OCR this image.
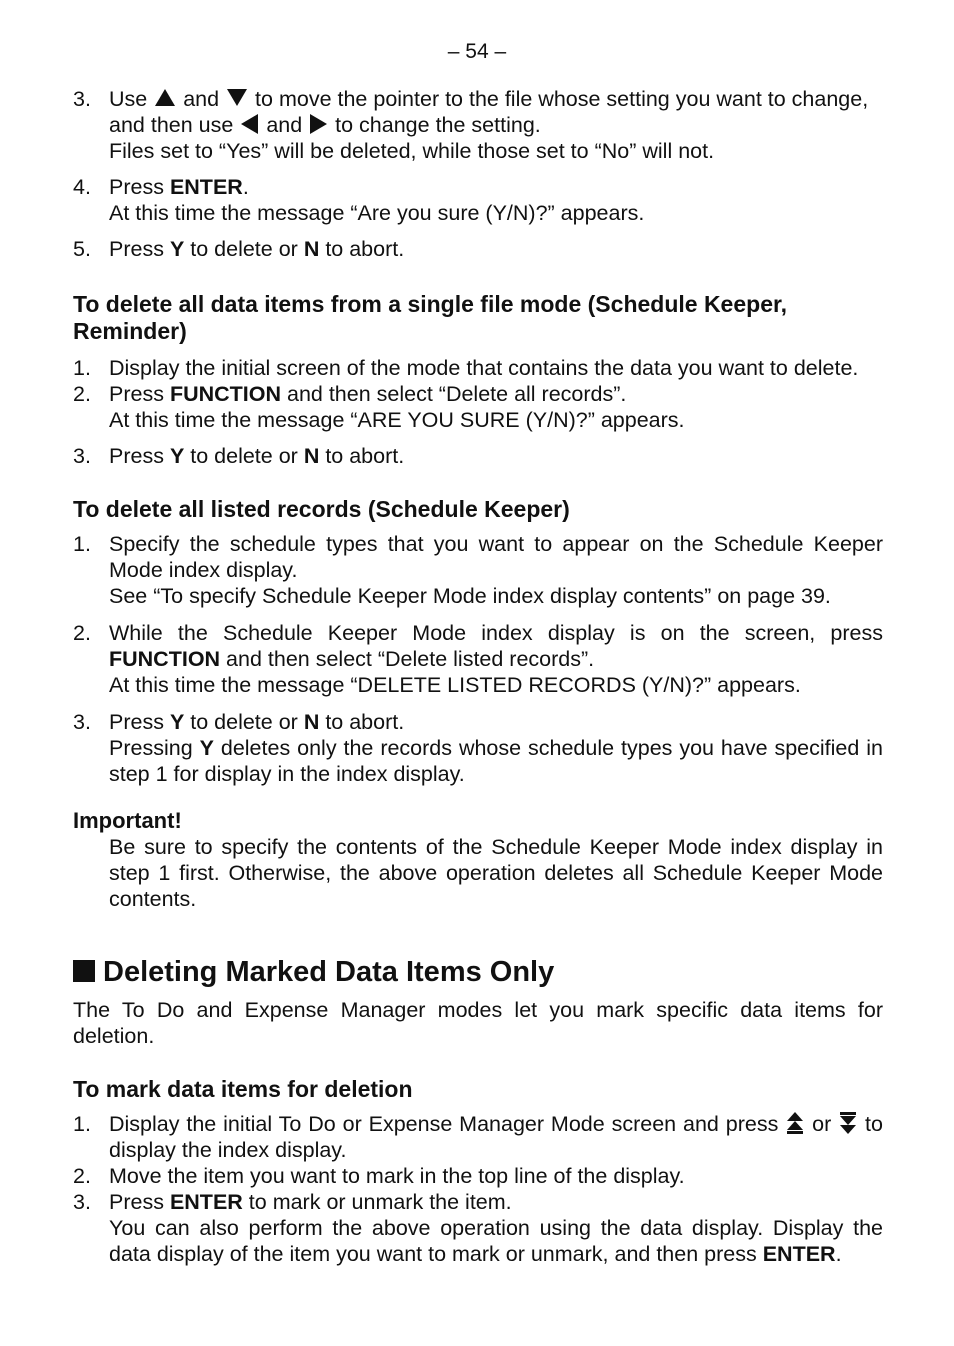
– 54 –
3. Use and to move the pointer to the file whose setting you want to change,
and then use and to change the setting.

Files set to “Yes” will be deleted, while those set to “No” will not.

4. Press ENTER.

At this time the message “Are you sure (Y/N)?” appears.

5. Press Y to delete or N to abort.

To delete all data items from a single file mode (Schedule Keeper, Reminder)

1. Display the initial screen of the mode that contains the data you want to delete.

2. Press FUNCTION and then select “Delete all records”.

At this time the message “ARE YOU SURE (Y/N)?” appears.

3. Press Y to delete or N to abort.

To delete all listed records (Schedule Keeper)

1. Specify the schedule types that you want to appear on the Schedule Keeper Mode index display.

See “To specify Schedule Keeper Mode index display contents” on page 39.

2. While the Schedule Keeper Mode index display is on the screen, press FUNCTION and then select “Delete listed records”.

At this time the message “DELETE LISTED RECORDS (Y/N)?” appears.

3. Press Y to delete or N to abort.

Pressing Y deletes only the records whose schedule types you have specified in step 1 for display in the index display.

Important!

Be sure to specify the contents of the Schedule Keeper Mode index display in step 1 first. Otherwise, the above operation deletes all Schedule Keeper Mode contents.

Deleting Marked Data Items Only

The To Do and Expense Manager modes let you mark specific data items for deletion.

To mark data items for deletion

1. Display the initial To Do or Expense Manager Mode screen and press or to display the index display.

2. Move the item you want to mark in the top line of the display.

3. Press ENTER to mark or unmark the item.

You can also perform the above operation using the data display. Display the data display of the item you want to mark or unmark, and then press ENTER.
